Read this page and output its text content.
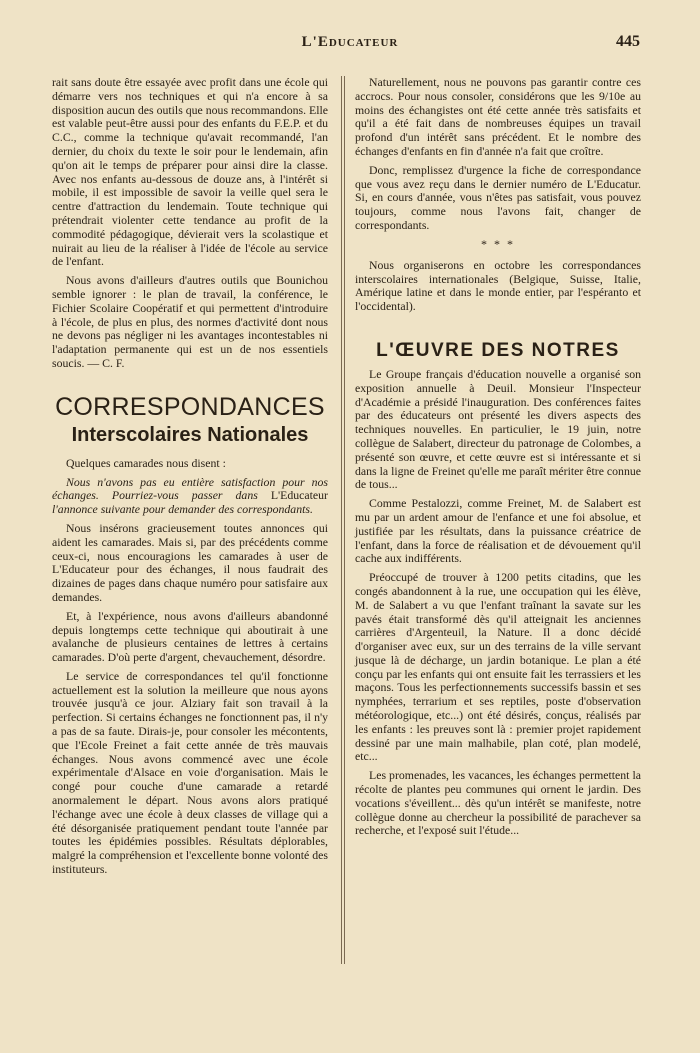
L'Educateur	445

rait sans doute être essayée avec profit dans une école qui démarre vers nos techniques et qui n'a encore à sa disposition aucun des outils que nous recommandons. Elle est valable peut-être aussi pour des enfants du F.E.P. et du C.C., comme la technique qu'avait recommandé, l'an dernier, du choix du texte le soir pour le lendemain, afin qu'on ait le temps de préparer pour ainsi dire la classe. Avec nos enfants au-dessous de douze ans, à l'intérêt si mobile, il est impossible de savoir la veille quel sera le centre d'attraction du lendemain. Toute technique qui prétendrait violenter cette tendance au profit de la commodité pédagogique, dévierait vers la scolastique et nuirait au lieu de la réaliser à l'idée de l'école au service de l'enfant.

Nous avons d'ailleurs d'autres outils que Bounichou semble ignorer : le plan de travail, la conférence, le Fichier Scolaire Coopératif et qui permettent d'introduire à l'école, de plus en plus, des normes d'activité dont nous ne devons pas négliger ni les avantages incontestables ni l'adaptation permanente qui est un de nos essentiels soucis. — C. F.

CORRESPONDANCES
Interscolaires Nationales

Quelques camarades nous disent :

Nous n'avons pas eu entière satisfaction pour nos échanges. Pourriez-vous passer dans L'Educateur l'annonce suivante pour demander des correspondants.

Nous insérons gracieusement toutes annonces qui aident les camarades. Mais si, par des précédents comme ceux-ci, nous encouragions les camarades à user de L'Educateur pour des échanges, il nous faudrait des dizaines de pages dans chaque numéro pour satisfaire aux demandes.

Et, à l'expérience, nous avons d'ailleurs abandonné depuis longtemps cette technique qui aboutirait à une avalanche de plusieurs centaines de lettres à certains camarades. D'où perte d'argent, chevauchement, désordre.

Le service de correspondances tel qu'il fonctionne actuellement est la solution la meilleure que nous ayons trouvée jusqu'à ce jour. Alziary fait son travail à la perfection. Si certains échanges ne fonctionnent pas, il n'y a pas de sa faute. Dirais-je, pour consoler les mécontents, que l'Ecole Freinet a fait cette année de très mauvais échanges. Nous avons commencé avec une école expérimentale d'Alsace en voie d'organisation. Mais le congé pour couche d'une camarade a retardé anormalement le départ. Nous avons alors pratiqué l'échange avec une école à deux classes de village qui a été désorganisée pratiquement pendant toute l'année par toutes les épidémies possibles. Résultats déplorables, malgré la compréhension et l'excellente bonne volonté des instituteurs.

Naturellement, nous ne pouvons pas garantir contre ces accrocs. Pour nous consoler, considérons que les 9/10e au moins des échangistes ont été cette année très satisfaits et qu'il a été fait dans de nombreuses équipes un travail profond d'un intérêt sans précédent. Et le nombre des échanges d'enfants en fin d'année n'a fait que croître.

Donc, remplissez d'urgence la fiche de correspondance que vous avez reçu dans le dernier numéro de L'Educatur. Si, en cours d'année, vous n'êtes pas satisfait, vous pouvez toujours, comme nous l'avons fait, changer de correspondants.

* * *

Nous organiserons en octobre les correspondances interscolaires internationales (Belgique, Suisse, Italie, Amérique latine et dans le monde entier, par l'espéranto et l'occidental).

L'ŒUVRE DES NOTRES

Le Groupe français d'éducation nouvelle a organisé son exposition annuelle à Deuil. Monsieur l'Inspecteur d'Académie a présidé l'inauguration. Des conférences faites par des éducateurs ont présenté les divers aspects des techniques nouvelles. En particulier, le 19 juin, notre collègue de Salabert, directeur du patronage de Colombes, a présenté son œuvre, et cette œuvre est si intéressante et si dans la ligne de Freinet qu'elle me paraît mériter être connue de tous...

Comme Pestalozzi, comme Freinet, M. de Salabert est mu par un ardent amour de l'enfance et une foi absolue, et justifiée par les résultats, dans la puissance créatrice de l'enfant, dans la force de réalisation et de dévouement qu'il cache aux indifférents.

Préoccupé de trouver à 1200 petits citadins, que les congés abandonnent à la rue, une occupation qui les élève, M. de Salabert a vu que l'enfant traînant la savate sur les pavés était transformé dès qu'il atteignait les anciennes carrières d'Argenteuil, la Nature. Il a donc décidé d'organiser avec eux, sur un des terrains de la ville servant jusque là de décharge, un jardin botanique. Le plan a été conçu par les enfants qui ont ensuite fait les terrassiers et les maçons. Tous les perfectionnements successifs bassin et ses nymphées, terrarium et ses reptiles, poste d'observation météorologique, etc...) ont été désirés, conçus, réalisés par les enfants : les preuves sont là : premier projet rapidement dessiné par une main malhabile, plan coté, plan modelé, etc...

Les promenades, les vacances, les échanges permettent la récolte de plantes peu communes qui ornent le jardin. Des vocations s'éveillent... dès qu'un intérêt se manifeste, notre collègue donne au chercheur la possibilité de parachever sa recherche, et l'exposé suit l'étude...
